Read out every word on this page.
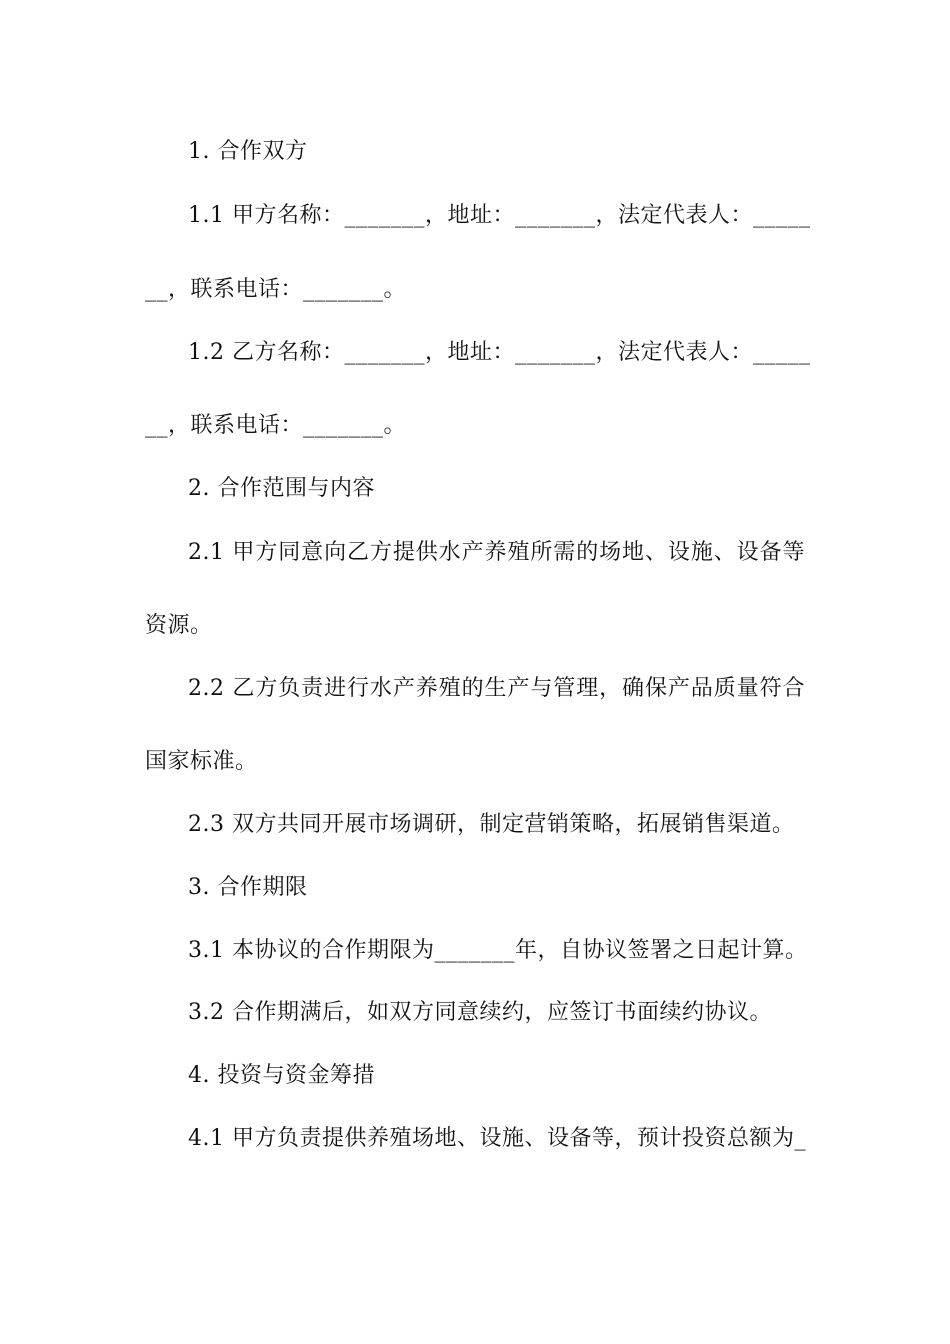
1. 合作双方
1.1 甲方名称：_______，地址：_______，法定代表人：_____
__，联系电话：_______。
1.2 乙方名称：_______，地址：_______，法定代表人：_____
__，联系电话：_______。
2. 合作范围与内容
2.1 甲方同意向乙方提供水产养殖所需的场地、设施、设备等
资源。
2.2 乙方负责进行水产养殖的生产与管理，确保产品质量符合
国家标准。
2.3 双方共同开展市场调研，制定营销策略，拓展销售渠道。
3. 合作期限
3.1 本协议的合作期限为_______年，自协议签署之日起计算。
3.2 合作期满后，如双方同意续约，应签订书面续约协议。
4. 投资与资金筹措
4.1 甲方负责提供养殖场地、设施、设备等，预计投资总额为_
